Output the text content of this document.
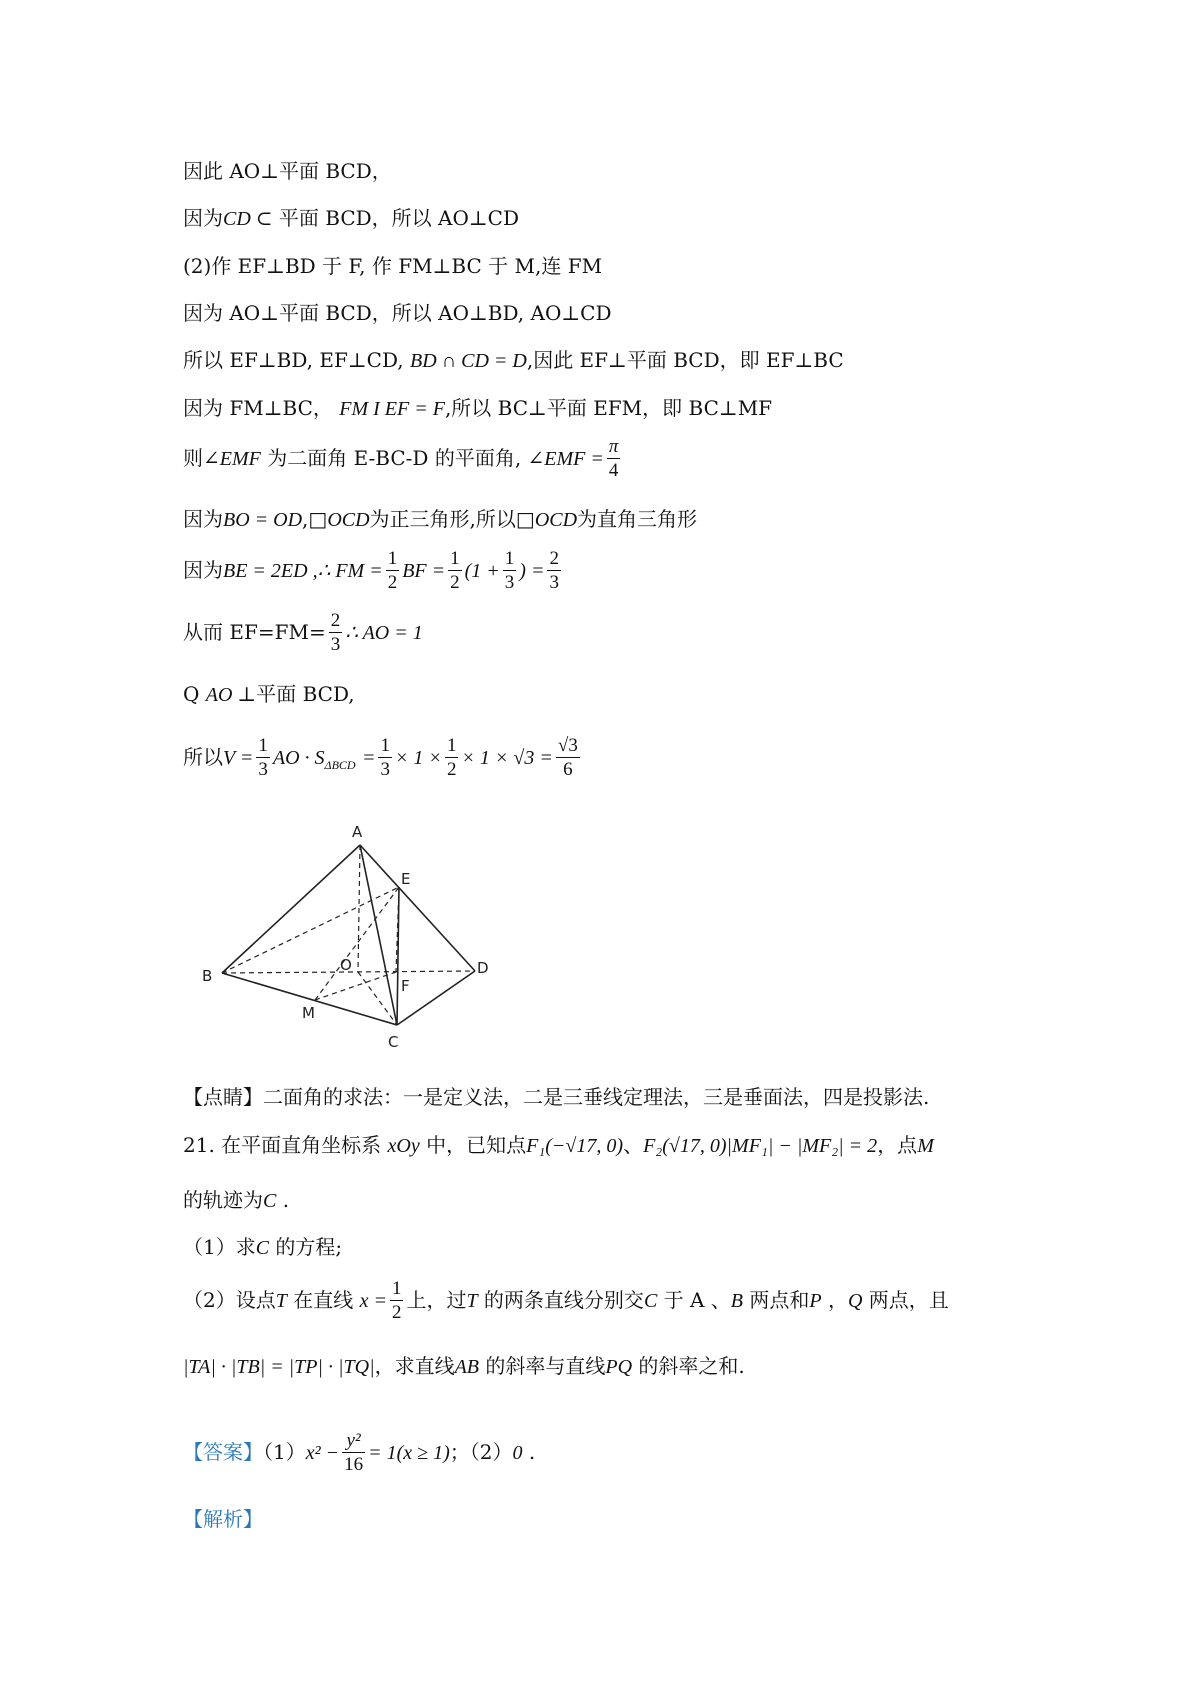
因此 AO⊥平面 BCD，
因为CD ⊂ 平面 BCD，所以 AO⊥CD
(2)作 EF⊥BD 于 F, 作 FM⊥BC 于 M,连 FM
因为 AO⊥平面 BCD，所以 AO⊥BD, AO⊥CD
所以 EF⊥BD, EF⊥CD, BD ∩ CD = D,因此 EF⊥平面 BCD，即 EF⊥BC
因为 FM⊥BC， FM I EF = F,所以 BC⊥平面 EFM，即 BC⊥MF
则∠EMF 为二面角 E-BC-D 的平面角, ∠EMF = $\frac{\pi}{4}$
因为BO = OD,□OCD为正三角形,所以□OCD为直角三角形
因为BE = 2ED ,∴ FM = $\frac{1}{2}$ BF = $\frac{1}{2} (1 + \frac{1}{3}$ ) = $\frac{2}{3}$
从而 $EF=FM= \frac{2}{3}$ ∴ AO = 1
Q AO ⊥平面 BCD,
所以$V = \frac{1}{3}$ AO · $S_{\Delta BCD} = \frac{1}{3} \times 1 \times \frac{1}{2} \times 1 \times √3 = \frac{√3}{6}$
A
E
B
O
F
D
M
C
【点睛】二面角的求法：一是定义法，二是三垂线定理法，三是垂面法，四是投影法.
21. 在平面直角坐标系 xOy 中，已知点F₁(−√17, 0)、F₂(√17, 0)|MF₁| − |MF₂| = 2，点M
的轨迹为C .
（1）求C 的方程;
（2）设点T 在直线 $x = \frac{1}{2}$ 上，过T 的两条直线分别交C 于 A 、B 两点和P ，Q 两点，且
|TA| · |TB| = |TP| · |TQ|，求直线AB 的斜率与直线PQ 的斜率之和.
【答案】$(1)x^2 - \frac{\text{y²}}{16} = 1(x \ge 1)$；（2）0 .
【解析】
